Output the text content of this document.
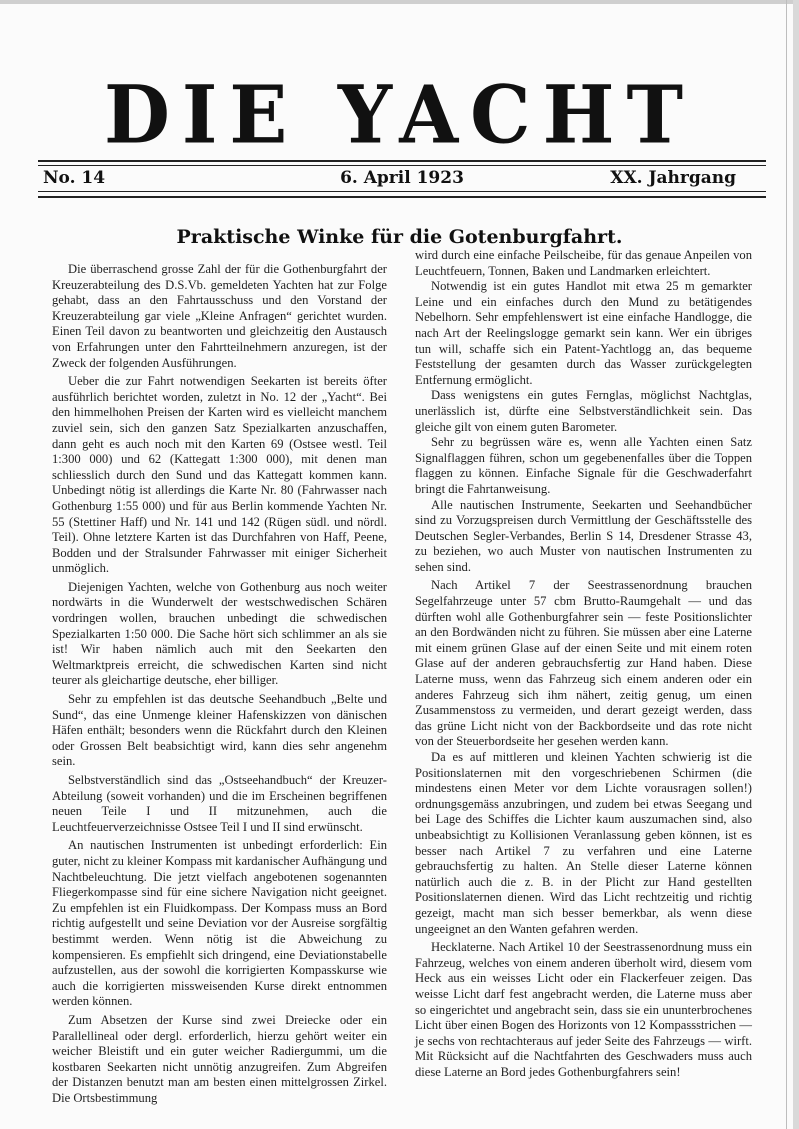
DIE YACHT
No. 14	6. April 1923	XX. Jahrgang
Praktische Winke für die Gotenburgfahrt.

Die überraschend grosse Zahl der für die Gothenburgfahrt der Kreuzerabteilung des D.S.Vb. gemeldeten Yachten hat zur Folge gehabt, dass an den Fahrtausschuss und den Vorstand der Kreuzerabteilung gar viele „Kleine Anfragen“ gerichtet wurden. Einen Teil davon zu beantworten und gleichzeitig den Austausch von Erfahrungen unter den Fahrtteilnehmern anzuregen, ist der Zweck der folgenden Ausführungen.

Ueber die zur Fahrt notwendigen Seekarten ist bereits öfter ausführlich berichtet worden, zuletzt in No. 12 der „Yacht“. Bei den himmelhohen Preisen der Karten wird es vielleicht manchem zuviel sein, sich den ganzen Satz Spezialkarten anzuschaffen, dann geht es auch noch mit den Karten 69 (Ostsee westl. Teil 1:300 000) und 62 (Kattegatt 1:300 000), mit denen man schliesslich durch den Sund und das Kattegatt kommen kann. Unbedingt nötig ist allerdings die Karte Nr. 80 (Fahrwasser nach Gothenburg 1:55 000) und für aus Berlin kommende Yachten Nr. 55 (Stettiner Haff) und Nr. 141 und 142 (Rügen südl. und nördl. Teil). Ohne letztere Karten ist das Durchfahren von Haff, Peene, Bodden und der Stralsunder Fahrwasser mit einiger Sicherheit unmöglich.

Diejenigen Yachten, welche von Gothenburg aus noch weiter nordwärts in die Wunderwelt der westschwedischen Schären vordringen wollen, brauchen unbedingt die schwedischen Spezialkarten 1:50 000. Die Sache hört sich schlimmer an als sie ist! Wir haben nämlich auch mit den Seekarten den Weltmarktpreis erreicht, die schwedischen Karten sind nicht teurer als gleichartige deutsche, eher billiger.

Sehr zu empfehlen ist das deutsche Seehandbuch „Belte und Sund“, das eine Unmenge kleiner Hafenskizzen von dänischen Häfen enthält; besonders wenn die Rückfahrt durch den Kleinen oder Grossen Belt beabsichtigt wird, kann dies sehr angenehm sein.

Selbstverständlich sind das „Ostseehandbuch“ der Kreuzer-Abteilung (soweit vorhanden) und die im Erscheinen begriffenen neuen Teile I und II mitzunehmen, auch die Leuchtfeuerverzeichnisse Ostsee Teil I und II sind erwünscht.

An nautischen Instrumenten ist unbedingt erforderlich: Ein guter, nicht zu kleiner Kompass mit kardanischer Aufhängung und Nachtbeleuchtung. Die jetzt vielfach angebotenen sogenannten Fliegerkompasse sind für eine sichere Navigation nicht geeignet. Zu empfehlen ist ein Fluidkompass. Der Kompass muss an Bord richtig aufgestellt und seine Deviation vor der Ausreise sorgfältig bestimmt werden. Wenn nötig ist die Abweichung zu kompensieren. Es empfiehlt sich dringend, eine Deviationstabelle aufzustellen, aus der sowohl die korrigierten Kompasskurse wie auch die korrigierten missweisenden Kurse direkt entnommen werden können.

Zum Absetzen der Kurse sind zwei Dreiecke oder ein Parallellineal oder dergl. erforderlich, hierzu gehört weiter ein weicher Bleistift und ein guter weicher Radiergummi, um die kostbaren Seekarten nicht unnötig anzugreifen. Zum Abgreifen der Distanzen benutzt man am besten einen mittelgrossen Zirkel. Die Ortsbestimmung

wird durch eine einfache Peilscheibe, für das genaue Anpeilen von Leuchtfeuern, Tonnen, Baken und Landmarken erleichtert.

Notwendig ist ein gutes Handlot mit etwa 25 m gemarkter Leine und ein einfaches durch den Mund zu betätigendes Nebelhorn. Sehr empfehlenswert ist eine einfache Handlogge, die nach Art der Reelingslogge gemarkt sein kann. Wer ein übriges tun will, schaffe sich ein Patent-Yachtlogg an, das bequeme Feststellung der gesamten durch das Wasser zurückgelegten Entfernung ermöglicht.

Dass wenigstens ein gutes Fernglas, möglichst Nachtglas, unerlässlich ist, dürfte eine Selbstverständlichkeit sein. Das gleiche gilt von einem guten Barometer.

Sehr zu begrüssen wäre es, wenn alle Yachten einen Satz Signalflaggen führen, schon um gegebenenfalles über die Toppen flaggen zu können. Einfache Signale für die Geschwaderfahrt bringt die Fahrtanweisung.

Alle nautischen Instrumente, Seekarten und Seehandbücher sind zu Vorzugspreisen durch Vermittlung der Geschäftsstelle des Deutschen Segler-Verbandes, Berlin S 14, Dresdener Strasse 43, zu beziehen, wo auch Muster von nautischen Instrumenten zu sehen sind.

Nach Artikel 7 der Seestrassenordnung brauchen Segelfahrzeuge unter 57 cbm Brutto-Raumgehalt — und das dürften wohl alle Gothenburgfahrer sein — feste Positionslichter an den Bordwänden nicht zu führen. Sie müssen aber eine Laterne mit einem grünen Glase auf der einen Seite und mit einem roten Glase auf der anderen gebrauchsfertig zur Hand haben. Diese Laterne muss, wenn das Fahrzeug sich einem anderen oder ein anderes Fahrzeug sich ihm nähert, zeitig genug, um einen Zusammenstoss zu vermeiden, und derart gezeigt werden, dass das grüne Licht nicht von der Backbordseite und das rote nicht von der Steuerbordseite her gesehen werden kann.

Da es auf mittleren und kleinen Yachten schwierig ist die Positionslaternen mit den vorgeschriebenen Schirmen (die mindestens einen Meter vor dem Lichte vorausragen sollen!) ordnungsgemäss anzubringen, und zudem bei etwas Seegang und bei Lage des Schiffes die Lichter kaum auszumachen sind, also unbeabsichtigt zu Kollisionen Veranlassung geben können, ist es besser nach Artikel 7 zu verfahren und eine Laterne gebrauchsfertig zu halten. An Stelle dieser Laterne können natürlich auch die z. B. in der Plicht zur Hand gestellten Positionslaternen dienen. Wird das Licht rechtzeitig und richtig gezeigt, macht man sich besser bemerkbar, als wenn diese ungeeignet an den Wanten gefahren werden.

Hecklaterne. Nach Artikel 10 der Seestrassenordnung muss ein Fahrzeug, welches von einem anderen überholt wird, diesem vom Heck aus ein weisses Licht oder ein Flackerfeuer zeigen. Das weisse Licht darf fest angebracht werden, die Laterne muss aber so eingerichtet und angebracht sein, dass sie ein ununterbrochenes Licht über einen Bogen des Horizonts von 12 Kompassstrichen — je sechs von rechtachteraus auf jeder Seite des Fahrzeugs — wirft. Mit Rücksicht auf die Nachtfahrten des Geschwaders muss auch diese Laterne an Bord jedes Gothenburgfahrers sein!
